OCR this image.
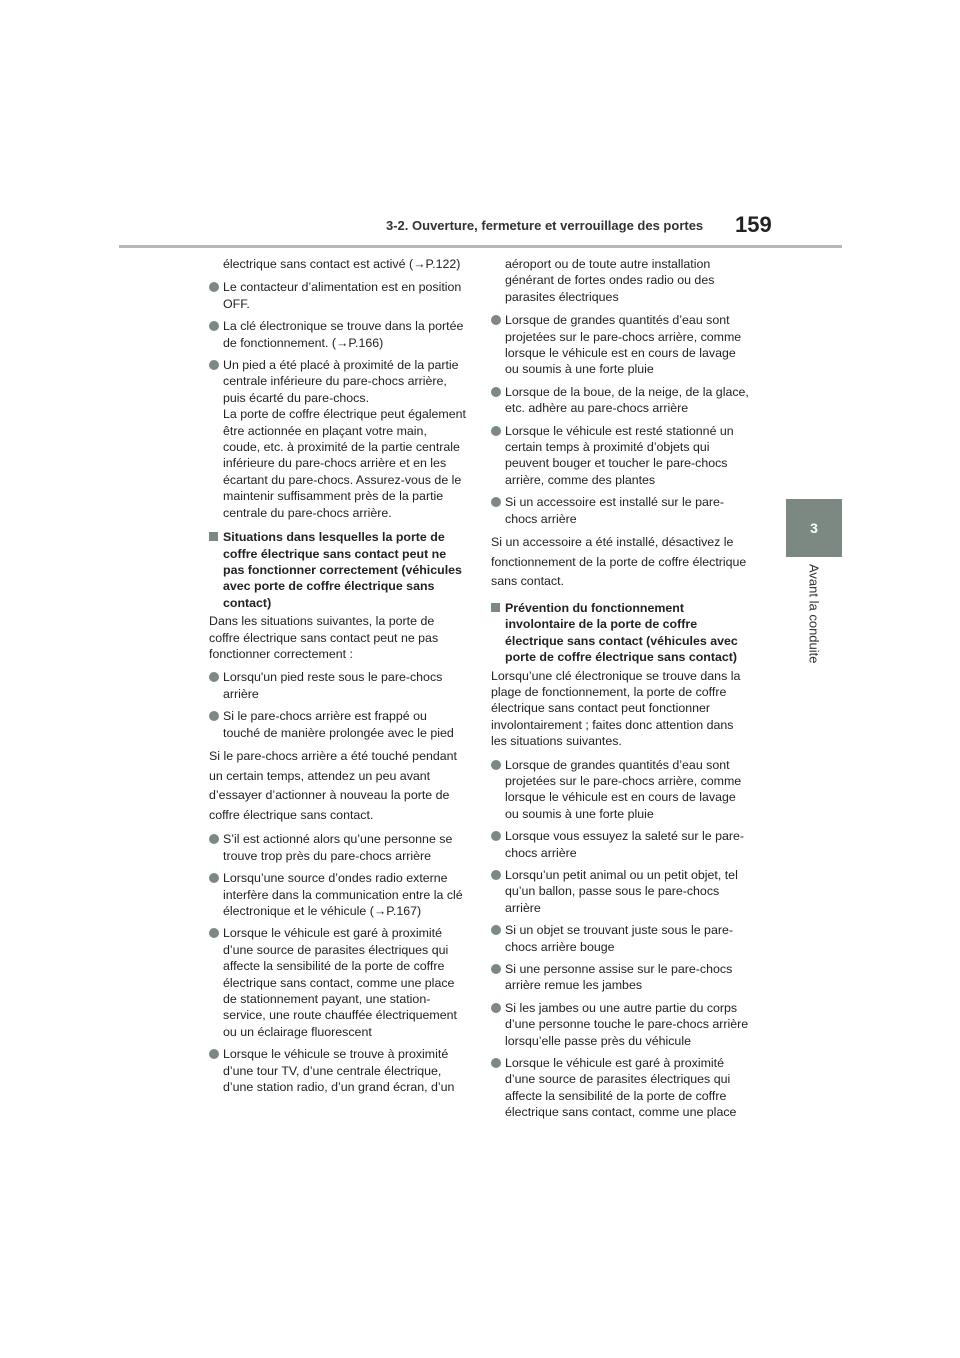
3-2. Ouverture, fermeture et verrouillage des portes 159
3
Avant la conduite

électrique sans contact est activé (→P.122)

Le contacteur d’alimentation est en position OFF.
La clé électronique se trouve dans la portée de fonctionnement. (→P.166)
Un pied a été placé à proximité de la partie centrale inférieure du pare-chocs arrière, puis écarté du pare-chocs.
La porte de coffre électrique peut également être actionnée en plaçant votre main, coude, etc. à proximité de la partie centrale inférieure du pare-chocs arrière et en les écartant du pare-chocs. Assurez-vous de le maintenir suffisamment près de la partie centrale du pare-chocs arrière.
Situations dans lesquelles la porte de coffre électrique sans contact peut ne pas fonctionner correctement (véhicules avec porte de coffre électrique sans contact)

Dans les situations suivantes, la porte de coffre électrique sans contact peut ne pas fonctionner correctement :

Lorsqu'un pied reste sous le pare-chocs arrière
Si le pare-chocs arrière est frappé ou touché de manière prolongée avec le pied

Si le pare-chocs arrière a été touché pendant un certain temps, attendez un peu avant d’essayer d’actionner à nouveau la porte de coffre électrique sans contact.

S’il est actionné alors qu’une personne se trouve trop près du pare-chocs arrière
Lorsqu’une source d’ondes radio externe interfère dans la communication entre la clé électronique et le véhicule (→P.167)
Lorsque le véhicule est garé à proximité d’une source de parasites électriques qui affecte la sensibilité de la porte de coffre électrique sans contact, comme une place de stationnement payant, une station-service, une route chauffée électriquement ou un éclairage fluorescent
Lorsque le véhicule se trouve à proximité d’une tour TV, d’une centrale électrique, d’une station radio, d’un grand écran, d’un

aéroport ou de toute autre installation générant de fortes ondes radio ou des parasites électriques

Lorsque de grandes quantités d’eau sont projetées sur le pare-chocs arrière, comme lorsque le véhicule est en cours de lavage ou soumis à une forte pluie
Lorsque de la boue, de la neige, de la glace, etc. adhère au pare-chocs arrière
Lorsque le véhicule est resté stationné un certain temps à proximité d’objets qui peuvent bouger et toucher le pare-chocs arrière, comme des plantes
Si un accessoire est installé sur le pare-chocs arrière

Si un accessoire a été installé, désactivez le fonctionnement de la porte de coffre électrique sans contact.

Prévention du fonctionnement involontaire de la porte de coffre électrique sans contact (véhicules avec porte de coffre électrique sans contact)

Lorsqu’une clé électronique se trouve dans la plage de fonctionnement, la porte de coffre électrique sans contact peut fonctionner involontairement ; faites donc attention dans les situations suivantes.

Lorsque de grandes quantités d’eau sont projetées sur le pare-chocs arrière, comme lorsque le véhicule est en cours de lavage ou soumis à une forte pluie
Lorsque vous essuyez la saleté sur le pare-chocs arrière
Lorsqu’un petit animal ou un petit objet, tel qu’un ballon, passe sous le pare-chocs arrière
Si un objet se trouvant juste sous le pare-chocs arrière bouge
Si une personne assise sur le pare-chocs arrière remue les jambes
Si les jambes ou une autre partie du corps d’une personne touche le pare-chocs arrière lorsqu’elle passe près du véhicule
Lorsque le véhicule est garé à proximité d’une source de parasites électriques qui affecte la sensibilité de la porte de coffre électrique sans contact, comme une place
